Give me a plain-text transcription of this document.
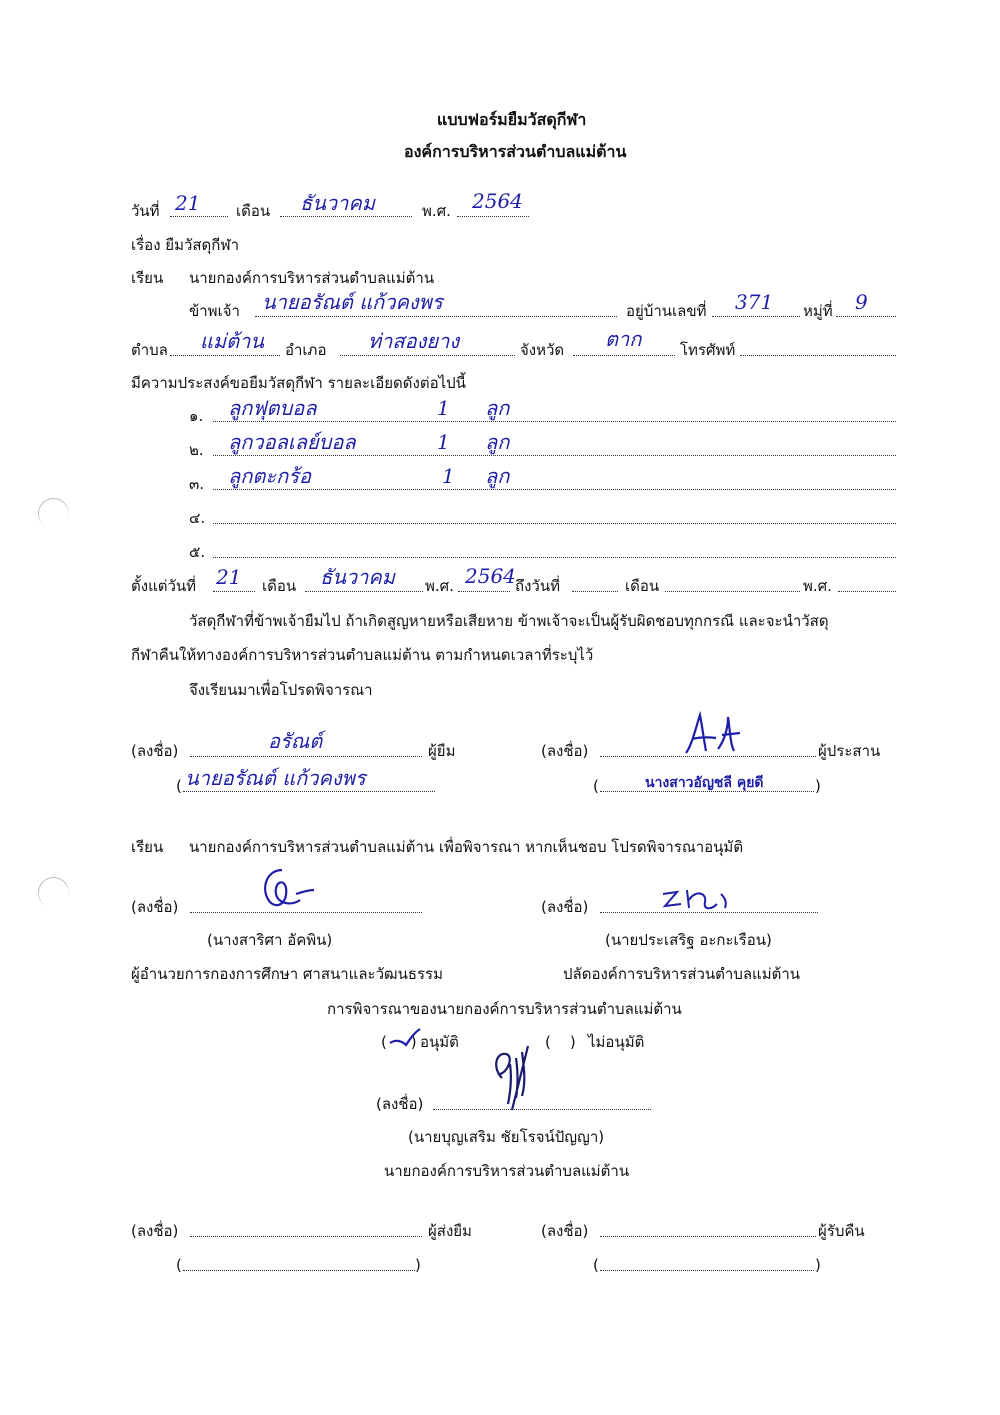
แบบฟอร์มยืมวัสดุกีฬา
องค์การบริหารส่วนตำบลแม่ต้าน
วันที่ 21 เดือน ธันวาคม	พ.ศ. 2564
เรื่อง ยืมวัสดุกีฬา
เรียน นายกองค์การบริหารส่วนตำบลแม่ต้าน
ข้าพเจ้า นายอรัณต์ แก้วคงพร	อยู่บ้านเลขที่ 371 หมู่ที่ 9
ตำบล แม่ต้าน อำเภอ ท่าสองยาง	จังหวัด ตาก	โทรศัพท์
มีความประสงค์ขอยืมวัสดุกีฬา รายละเอียดดังต่อไปนี้
๑. ลูกฟุตบอล	1 ลูก
๒. ลูกวอลเลย์บอล	1 ลูก
๓. ลูกตะกร้อ	1 ลูก
๔.
๕.
ตั้งแต่วันที่ 21 เดือน ธันวาคม พ.ศ. 2564 ถึงวันที่	เดือน	พ.ศ.
วัสดุกีฬาที่ข้าพเจ้ายืมไป ถ้าเกิดสูญหายหรือเสียหาย ข้าพเจ้าจะเป็นผู้รับผิดชอบทุกกรณี และจะนำวัสดุ
กีฬาคืนให้ทางองค์การบริหารส่วนตำบลแม่ต้าน ตามกำหนดเวลาที่ระบุไว้
จึงเรียนมาเพื่อโปรดพิจารณา
(ลงชื่อ)	อรัณต์	ผู้ยืม
( นายอรัณต์ แก้วคงพร
(ลงชื่อ)	ผู้ประสาน
(	นางสาวอัญชลี คุยดี	)
เรียน นายกองค์การบริหารส่วนตำบลแม่ต้าน เพื่อพิจารณา หากเห็นชอบ โปรดพิจารณาอนุมัติ
(ลงชื่อ)
(นางสาริศา อัคพิน)
ผู้อำนวยการกองการศึกษา ศาสนาและวัฒนธรรม
(ลงชื่อ)
(นายประเสริฐ อะกะเรือน)
ปลัดองค์การบริหารส่วนตำบลแม่ต้าน
การพิจารณาของนายกองค์การบริหารส่วนตำบลแม่ต้าน
(     ) อนุมัติ	(    ) ไม่อนุมัติ
(ลงชื่อ)
(นายบุญเสริม ชัยโรจน์ปัญญา)
นายกองค์การบริหารส่วนตำบลแม่ต้าน
(ลงชื่อ)	ผู้ส่งยืม
(	)
(ลงชื่อ)	ผู้รับคืน
(	)
